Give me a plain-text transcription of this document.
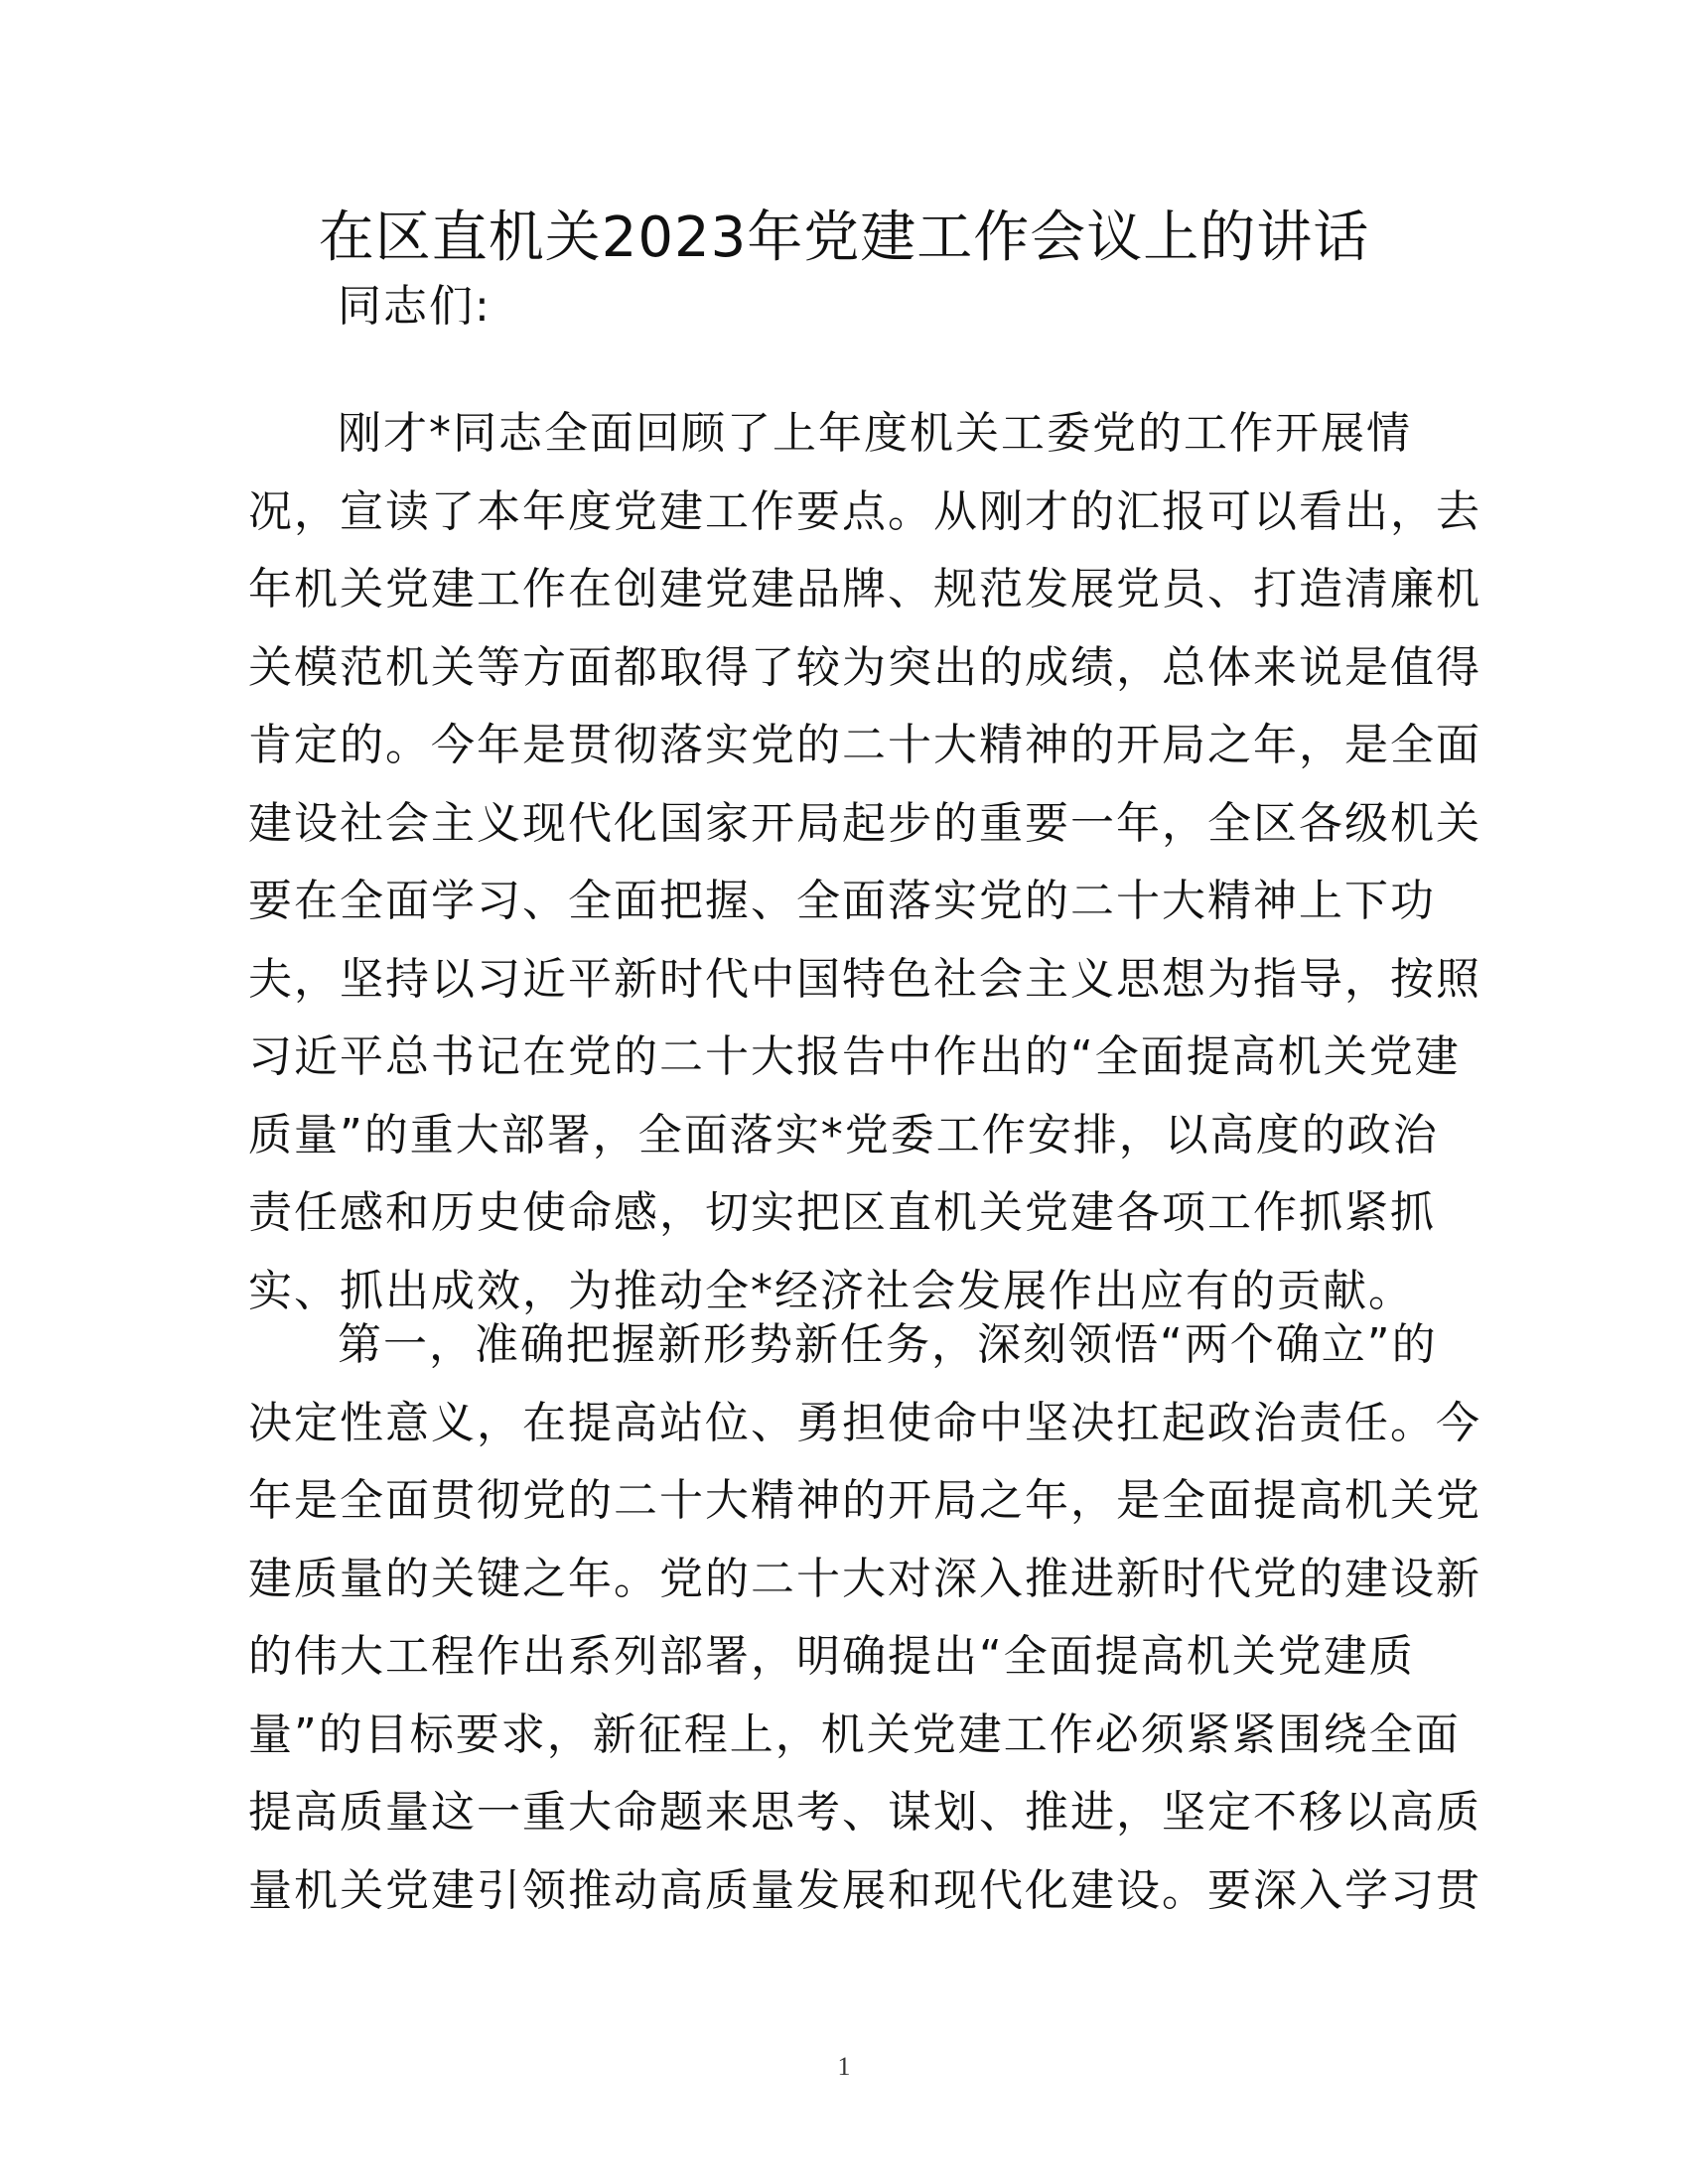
在区直机关2023年党建工作会议上的讲话
同志们:
刚才*同志全面回顾了上年度机关工委党的工作开展情
况，宣读了本年度党建工作要点。从刚才的汇报可以看出，去
年机关党建工作在创建党建品牌、规范发展党员、打造清廉机
关模范机关等方面都取得了较为突出的成绩，总体来说是值得
肯定的。今年是贯彻落实党的二十大精神的开局之年，是全面
建设社会主义现代化国家开局起步的重要一年，全区各级机关
要在全面学习、全面把握、全面落实党的二十大精神上下功
夫，坚持以习近平新时代中国特色社会主义思想为指导，按照
习近平总书记在党的二十大报告中作出的“全面提高机关党建
质量”的重大部署，全面落实*党委工作安排，以高度的政治
责任感和历史使命感，切实把区直机关党建各项工作抓紧抓
实、抓出成效，为推动全*经济社会发展作出应有的贡献。
第一，准确把握新形势新任务，深刻领悟“两个确立”的
决定性意义，在提高站位、勇担使命中坚决扛起政治责任。今
年是全面贯彻党的二十大精神的开局之年，是全面提高机关党
建质量的关键之年。党的二十大对深入推进新时代党的建设新
的伟大工程作出系列部署，明确提出“全面提高机关党建质
量”的目标要求，新征程上，机关党建工作必须紧紧围绕全面
提高质量这一重大命题来思考、谋划、推进，坚定不移以高质
量机关党建引领推动高质量发展和现代化建设。要深入学习贯
1
